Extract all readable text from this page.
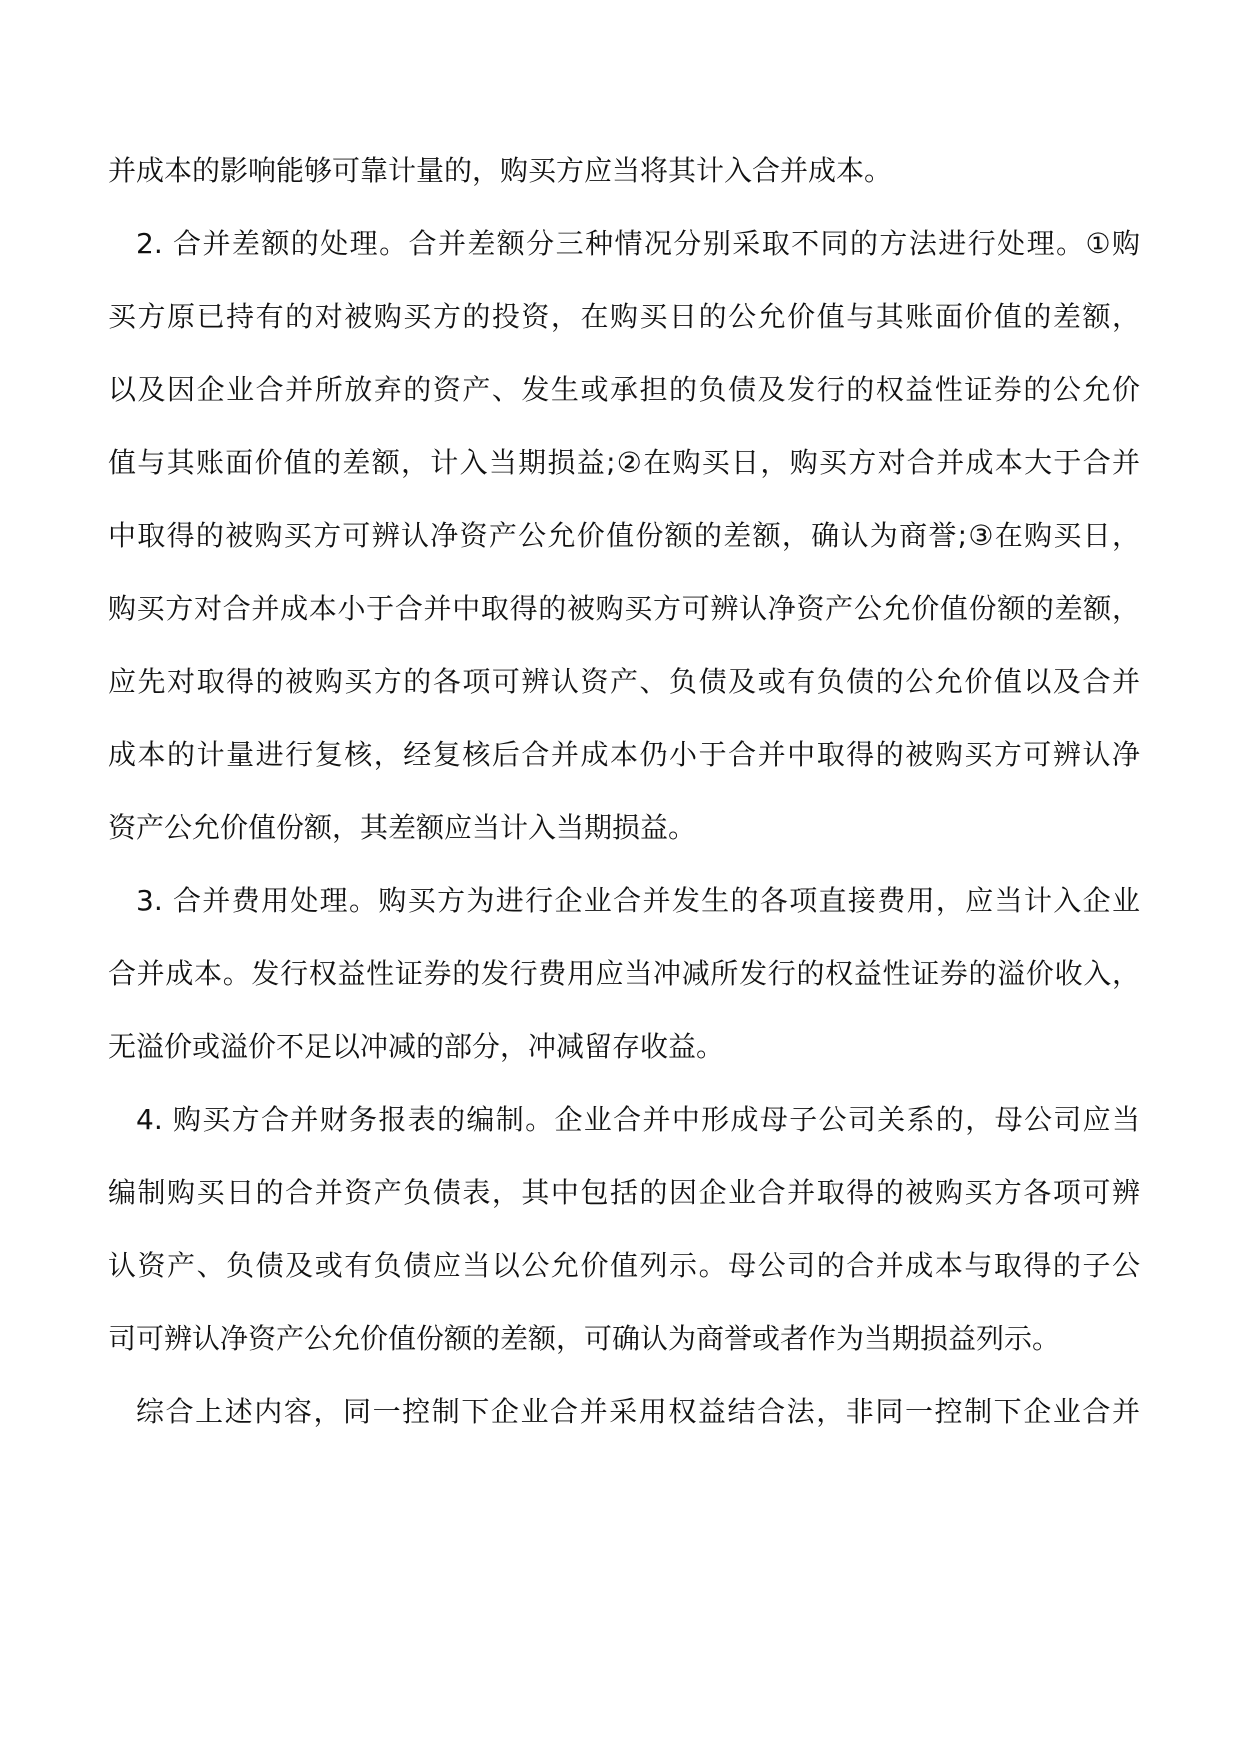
并成本的影响能够可靠计量的，购买方应当将其计入合并成本。
2. 合并差额的处理。合并差额分三种情况分别采取不同的方法进行处理。①购
买方原已持有的对被购买方的投资，在购买日的公允价值与其账面价值的差额，
以及因企业合并所放弃的资产、发生或承担的负债及发行的权益性证券的公允价
值与其账面价值的差额，计入当期损益;②在购买日，购买方对合并成本大于合并
中取得的被购买方可辨认净资产公允价值份额的差额，确认为商誉;③在购买日，
购买方对合并成本小于合并中取得的被购买方可辨认净资产公允价值份额的差额，
应先对取得的被购买方的各项可辨认资产、负债及或有负债的公允价值以及合并
成本的计量进行复核，经复核后合并成本仍小于合并中取得的被购买方可辨认净
资产公允价值份额，其差额应当计入当期损益。
3. 合并费用处理。购买方为进行企业合并发生的各项直接费用，应当计入企业
合并成本。发行权益性证券的发行费用应当冲减所发行的权益性证券的溢价收入，
无溢价或溢价不足以冲减的部分，冲减留存收益。
4. 购买方合并财务报表的编制。企业合并中形成母子公司关系的，母公司应当
编制购买日的合并资产负债表，其中包括的因企业合并取得的被购买方各项可辨
认资产、负债及或有负债应当以公允价值列示。母公司的合并成本与取得的子公
司可辨认净资产公允价值份额的差额，可确认为商誉或者作为当期损益列示。
综合上述内容，同一控制下企业合并采用权益结合法，非同一控制下企业合并
